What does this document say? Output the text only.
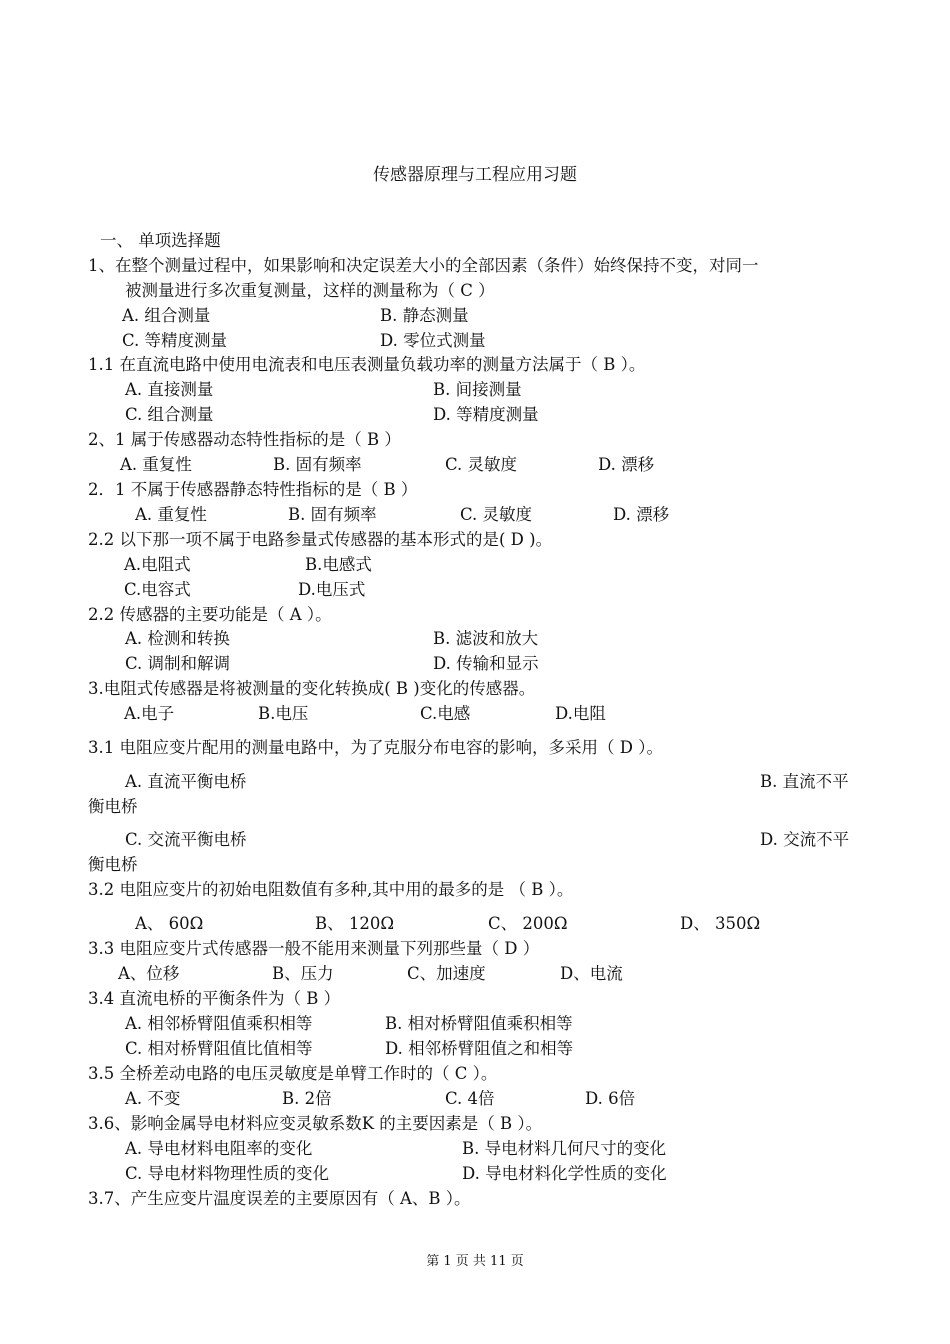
传感器原理与工程应用习题
一、 单项选择题
1、在整个测量过程中，如果影响和决定误差大小的全部因素（条件）始终保持不变，对同一
被测量进行多次重复测量，这样的测量称为（ C ）
A. 组合测量	B. 静态测量
C. 等精度测量	D. 零位式测量
1.1 在直流电路中使用电流表和电压表测量负载功率的测量方法属于（ B ）。
A. 直接测量	B. 间接测量
C. 组合测量	D. 等精度测量
2、1 属于传感器动态特性指标的是（ B ）
A. 重复性	B. 固有频率	C. 灵敏度	D. 漂移
2．1 不属于传感器静态特性指标的是（ B ）
A. 重复性	B. 固有频率	C. 灵敏度	D. 漂移
2.2 以下那一项不属于电路参量式传感器的基本形式的是( D )。
A.电阻式	B.电感式
C.电容式	D.电压式
2.2 传感器的主要功能是（ A ）。
A. 检测和转换	B. 滤波和放大
C. 调制和解调	D. 传输和显示
3.电阻式传感器是将被测量的变化转换成( B )变化的传感器。
A.电子	B.电压	C.电感	D.电阻
3.1 电阻应变片配用的测量电路中，为了克服分布电容的影响，多采用（ D ）。
A. 直流平衡电桥	B. 直流不平
衡电桥
C. 交流平衡电桥	D. 交流不平
衡电桥
3.2 电阻应变片的初始电阻数值有多种,其中用的最多的是 （ B ）。
A、 60Ω	B、 120Ω	C、 200Ω	D、 350Ω
3.3 电阻应变片式传感器一般不能用来测量下列那些量（ D ）
A、位移	B、压力	C、加速度	D、电流
3.4 直流电桥的平衡条件为（ B ）
A. 相邻桥臂阻值乘积相等	B. 相对桥臂阻值乘积相等
C. 相对桥臂阻值比值相等	D. 相邻桥臂阻值之和相等
3.5 全桥差动电路的电压灵敏度是单臂工作时的（ C ）。
A. 不变	B. 2倍	C. 4倍	D. 6倍
3.6、影响金属导电材料应变灵敏系数K 的主要因素是（ B ）。
A. 导电材料电阻率的变化	B. 导电材料几何尺寸的变化
C. 导电材料物理性质的变化	D. 导电材料化学性质的变化
3.7、产生应变片温度误差的主要原因有（ A、B ）。
第 1 页 共 11 页
